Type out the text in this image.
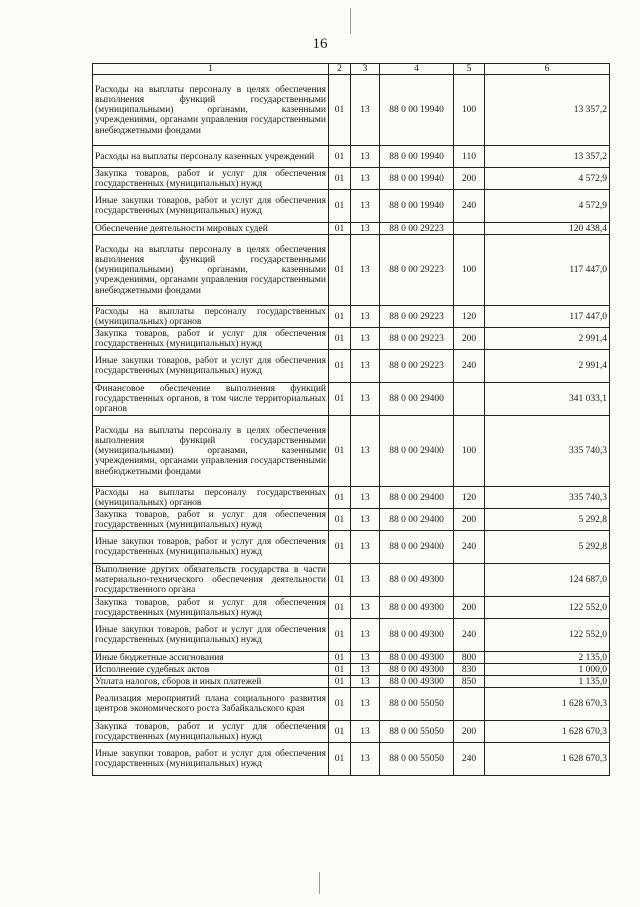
16
1	2	3	4	5	6
Расходы на выплаты персоналу в целях обеспечения выполнения функций государственными (муниципальными) органами, казенными учреждениями, органами управления государственными внебюджетными фондами	01	13	88 0 00 19940	100	13 357,2
Расходы на выплаты персоналу казенных учреждений	01	13	88 0 00 19940	110	13 357,2
Закупка товаров, работ и услуг для обеспечения государственных (муниципальных) нужд	01	13	88 0 00 19940	200	4 572,9
Иные закупки товаров, работ и услуг для обеспечения государственных (муниципальных) нужд	01	13	88 0 00 19940	240	4 572,9
Обеспечение деятельности мировых судей	01	13	88 0 00 29223		120 438,4
Расходы на выплаты персоналу в целях обеспечения выполнения функций государственными (муниципальными) органами, казенными учреждениями, органами управления государственными внебюджетными фондами	01	13	88 0 00 29223	100	117 447,0
Расходы на выплаты персоналу государственных (муниципальных) органов	01	13	88 0 00 29223	120	117 447,0
Закупка товаров, работ и услуг для обеспечения государственных (муниципальных) нужд	01	13	88 0 00 29223	200	2 991,4
Иные закупки товаров, работ и услуг для обеспечения государственных (муниципальных) нужд	01	13	88 0 00 29223	240	2 991,4
Финансовое обеспечение выполнения функций государственных органов, в том числе территориальных органов	01	13	88 0 00 29400		341 033,1
Расходы на выплаты персоналу в целях обеспечения выполнения функций государственными (муниципальными) органами, казенными учреждениями, органами управления государственными внебюджетными фондами	01	13	88 0 00 29400	100	335 740,3
Расходы на выплаты персоналу государственных (муниципальных) органов	01	13	88 0 00 29400	120	335 740,3
Закупка товаров, работ и услуг для обеспечения государственных (муниципальных) нужд	01	13	88 0 00 29400	200	5 292,8
Иные закупки товаров, работ и услуг для обеспечения государственных (муниципальных) нужд	01	13	88 0 00 29400	240	5 292,8
Выполнение других обязательств государства в части материально-технического обеспечения деятельности государственного органа	01	13	88 0 00 49300		124 687,0
Закупка товаров, работ и услуг для обеспечения государственных (муниципальных) нужд	01	13	88 0 00 49300	200	122 552,0
Иные закупки товаров, работ и услуг для обеспечения государственных (муниципальных) нужд	01	13	88 0 00 49300	240	122 552,0
Иные бюджетные ассигнования	01	13	88 0 00 49300	800	2 135,0
Исполнение судебных актов	01	13	88 0 00 49300	830	1 000,0
Уплата налогов, сборов и иных платежей	01	13	88 0 00 49300	850	1 135,0
Реализация мероприятий плана социального развития центров экономического роста Забайкальского края	01	13	88 0 00 55050		1 628 670,3
Закупка товаров, работ и услуг для обеспечения государственных (муниципальных) нужд	01	13	88 0 00 55050	200	1 628 670,3
Иные закупки товаров, работ и услуг для обеспечения государственных (муниципальных) нужд	01	13	88 0 00 55050	240	1 628 670,3
